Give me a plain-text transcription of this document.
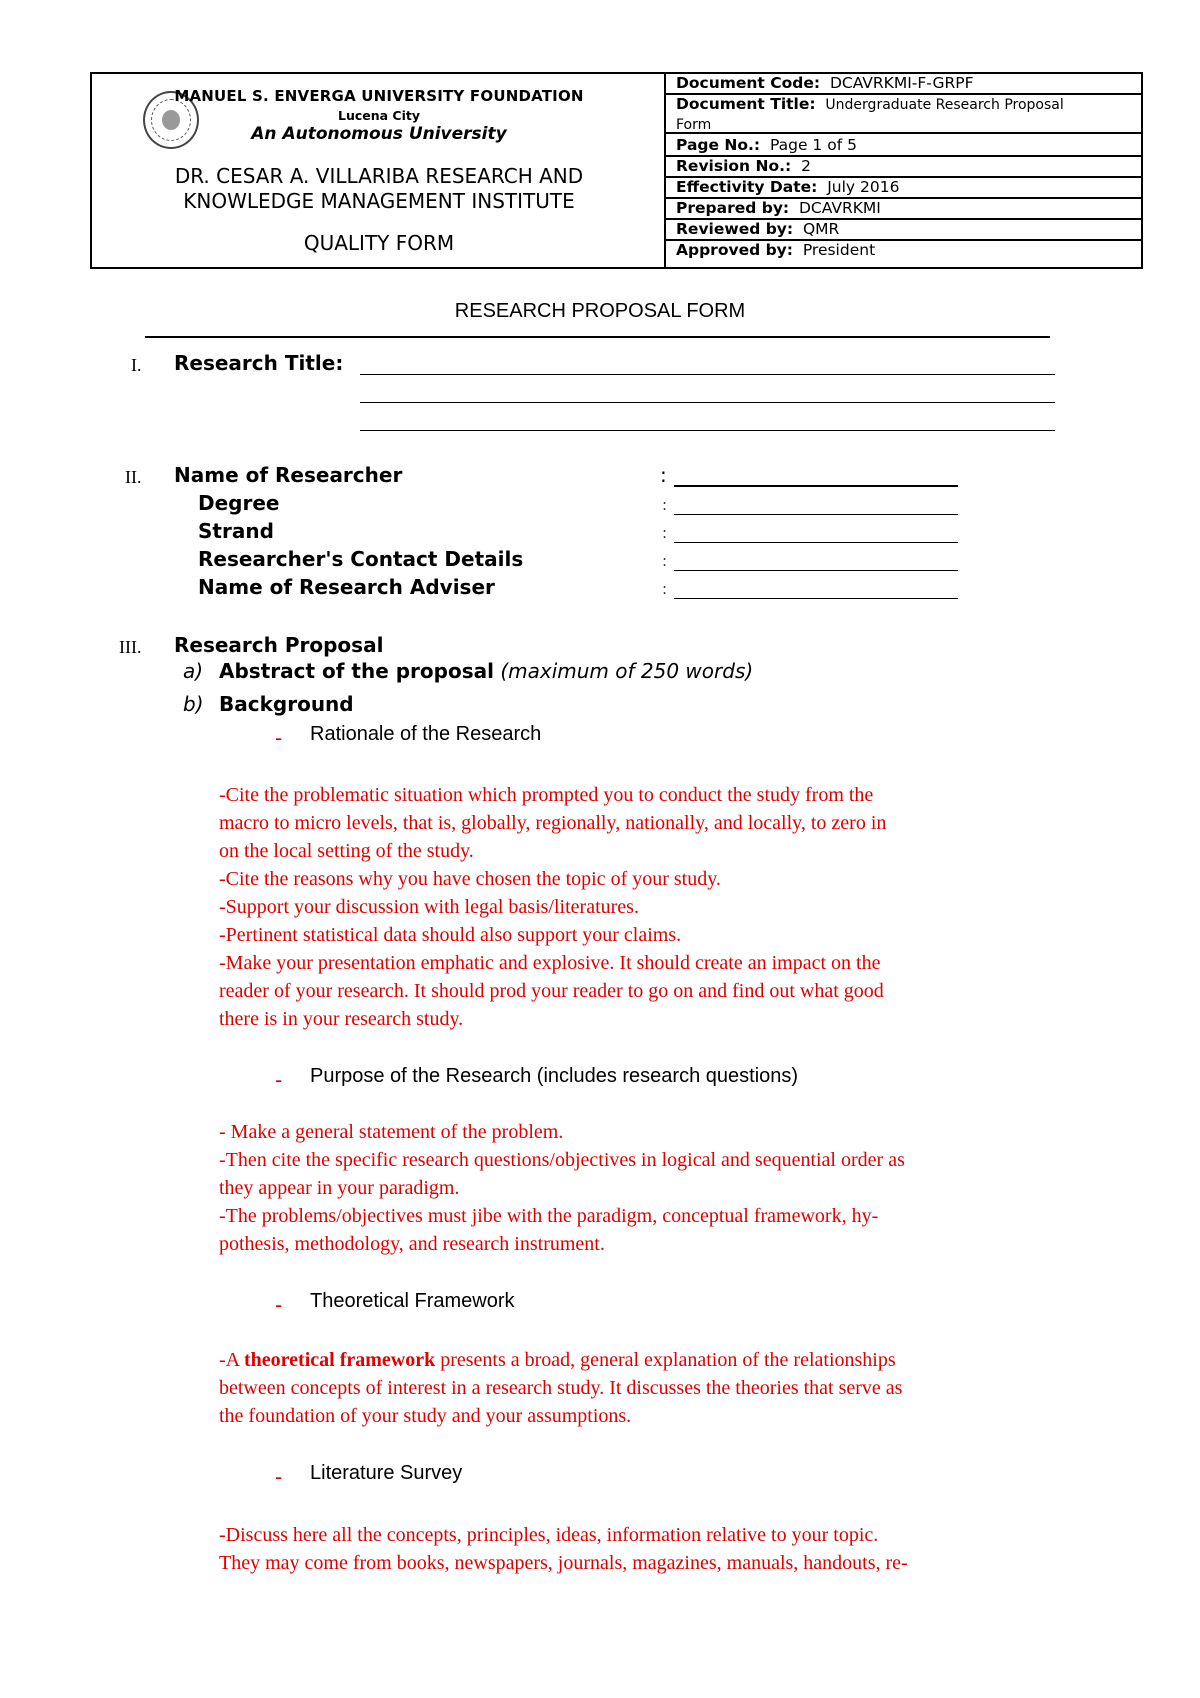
MANUEL S. ENVERGA UNIVERSITY FOUNDATION
Lucena City
An Autonomous University
DR. CESAR A. VILLARIBA RESEARCH AND
KNOWLEDGE MANAGEMENT INSTITUTE
QUALITY FORM
Document Code: DCAVRKMI-F-GRPF
Document Title: Undergraduate Research Proposal
Form
Page No.: Page 1 of 5
Revision No.: 2
Effectivity Date: July 2016
Prepared by: DCAVRKMI
Reviewed by: QMR
Approved by: President
RESEARCH PROPOSAL FORM
I. Research Title:
II. Name of Researcher	:
Degree	:
Strand	:
Researcher's Contact Details	:
Name of Research Adviser	:
III. Research Proposal
a) Abstract of the proposal (maximum of 250 words)
b) Background
- Rationale of the Research
-Cite the problematic situation which prompted you to conduct the study from the
macro to micro levels, that is, globally, regionally, nationally, and locally, to zero in
on the local setting of the study.
-Cite the reasons why you have chosen the topic of your study.
-Support your discussion with legal basis/literatures.
-Pertinent statistical data should also support your claims.
-Make your presentation emphatic and explosive. It should create an impact on the
reader of your research. It should prod your reader to go on and find out what good
there is in your research study.
- Purpose of the Research (includes research questions)
- Make a general statement of the problem.
-Then cite the specific research questions/objectives in logical and sequential order as
they appear in your paradigm.
-The problems/objectives must jibe with the paradigm, conceptual framework, hy-
pothesis, methodology, and research instrument.
- Theoretical Framework
-A theoretical framework presents a broad, general explanation of the relationships
between concepts of interest in a research study. It discusses the theories that serve as
the foundation of your study and your assumptions.
- Literature Survey
-Discuss here all the concepts, principles, ideas, information relative to your topic.
They may come from books, newspapers, journals, magazines, manuals, handouts, re-
